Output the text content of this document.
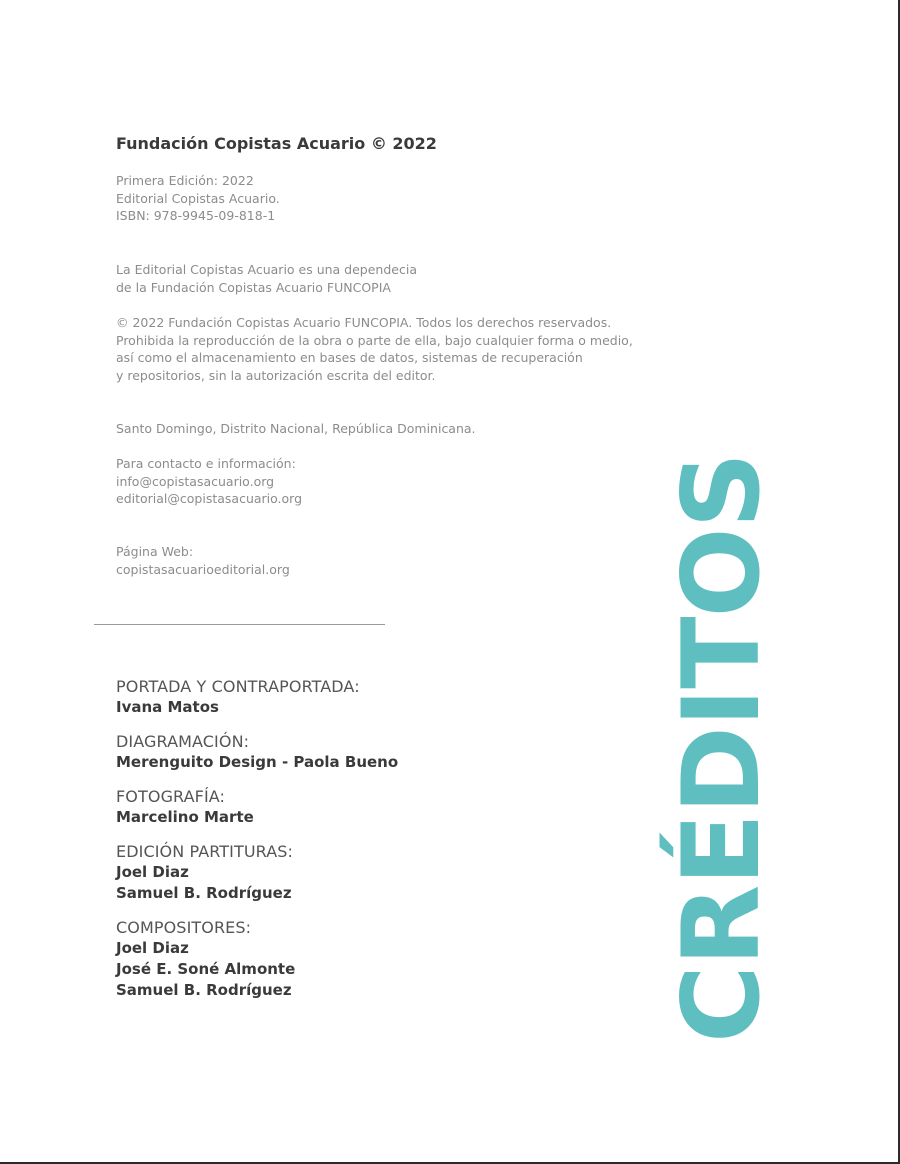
Fundación Copistas Acuario © 2022
Primera Edición: 2022
Editorial Copistas Acuario.
ISBN: 978-9945-09-818-1
La Editorial Copistas Acuario es una dependecia
de la Fundación Copistas Acuario FUNCOPIA
© 2022 Fundación Copistas Acuario FUNCOPIA. Todos los derechos reservados.
Prohibida la reproducción de la obra o parte de ella, bajo cualquier forma o medio,
así como el almacenamiento en bases de datos, sistemas de recuperación
y repositorios, sin la autorización escrita del editor.
Santo Domingo, Distrito Nacional, República Dominicana.
Para contacto e información:
info@copistasacuario.org
editorial@copistasacuario.org
Página Web:
copistasacuarioeditorial.org
PORTADA Y CONTRAPORTADA:
Ivana Matos
DIAGRAMACIÓN:
Merenguito Design - Paola Bueno
FOTOGRAFÍA:
Marcelino Marte
EDICIÓN PARTITURAS:
Joel Diaz
Samuel B. Rodríguez
COMPOSITORES:
Joel Diaz
José E. Soné Almonte
Samuel B. Rodríguez	CRÉDITOS
